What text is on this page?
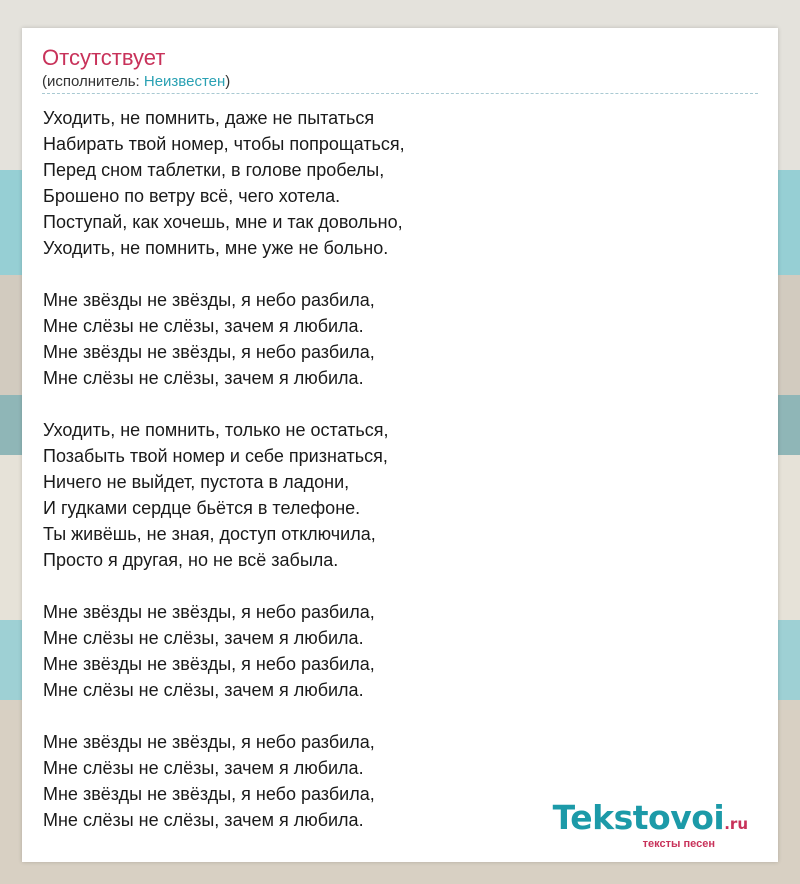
Отсутствует
(исполнитель: Неизвестен)
Уходить, не помнить, даже не пытаться
Набирать твой номер, чтобы попрощаться,
Перед сном таблетки, в голове пробелы,
Брошено по ветру всё, чего хотела.
Поступай, как хочешь, мне и так довольно,
Уходить, не помнить, мне уже не больно.
Мне звёзды не звёзды, я небо разбила,
Мне слёзы не слёзы, зачем я любила.
Мне звёзды не звёзды, я небо разбила,
Мне слёзы не слёзы, зачем я любила.
Уходить, не помнить, только не остаться,
Позабыть твой номер и себе признаться,
Ничего не выйдет, пустота в ладони,
И гудками сердце бьётся в телефоне.
Ты живёшь, не зная, доступ отключила,
Просто я другая, но не всё забыла.
Мне звёзды не звёзды, я небо разбила,
Мне слёзы не слёзы, зачем я любила.
Мне звёзды не звёзды, я небо разбила,
Мне слёзы не слёзы, зачем я любила.
Мне звёзды не звёзды, я небо разбила,
Мне слёзы не слёзы, зачем я любила.
Мне звёзды не звёзды, я небо разбила,
Мне слёзы не слёзы, зачем я любила.	Tekstovoi.ru
тексты песен
